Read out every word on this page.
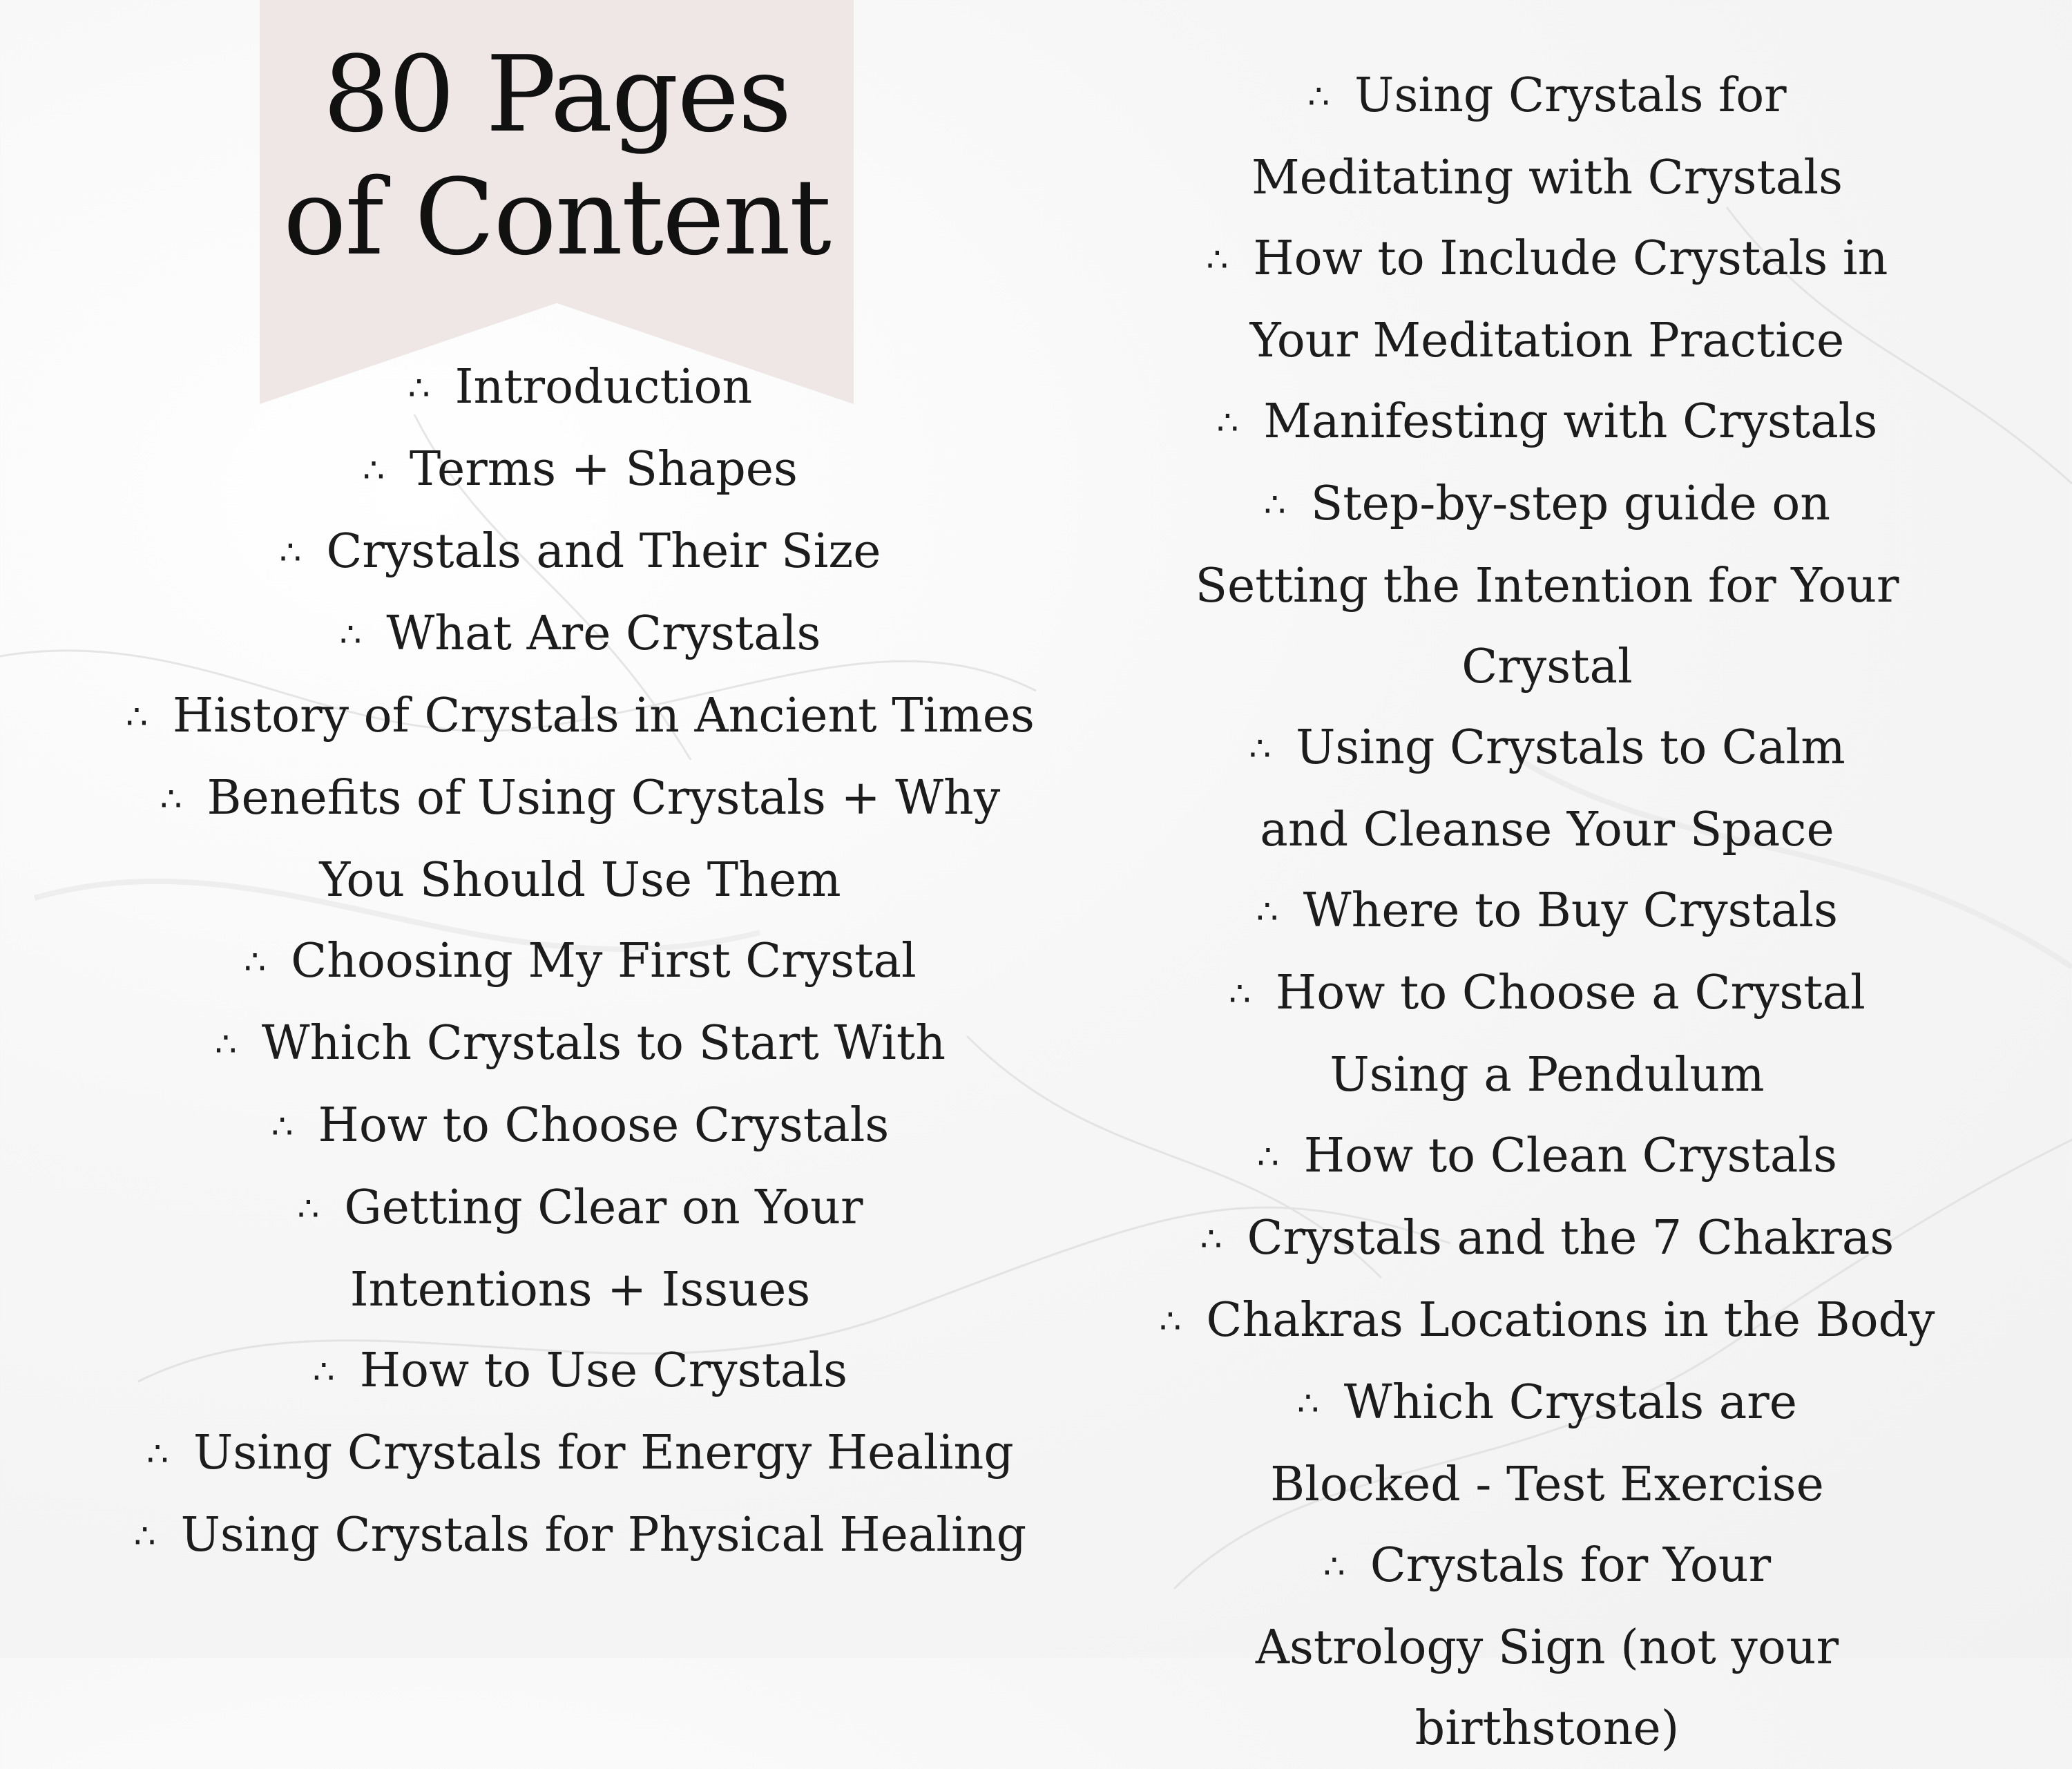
80 Pages
of Content
∴ Introduction
∴ Terms + Shapes
∴ Crystals and Their Size
∴ What Are Crystals
∴ History of Crystals in Ancient Times
∴ Benefits of Using Crystals + Why You Should Use Them
∴ Choosing My First Crystal
∴ Which Crystals to Start With
∴ How to Choose Crystals
∴ Getting Clear on Your Intentions + Issues
∴ How to Use Crystals
∴ Using Crystals for Energy Healing
∴ Using Crystals for Physical Healing
∴ Using Crystals for Meditating with Crystals
∴ How to Include Crystals in Your Meditation Practice
∴ Manifesting with Crystals
∴ Step-by-step guide on Setting the Intention for Your Crystal
∴ Using Crystals to Calm and Cleanse Your Space
∴ Where to Buy Crystals
∴ How to Choose a Crystal Using a Pendulum
∴ How to Clean Crystals
∴ Crystals and the 7 Chakras
∴ Chakras Locations in the Body
∴ Which Crystals are Blocked - Test Exercise
∴ Crystals for Your Astrology Sign (not your birthstone)
